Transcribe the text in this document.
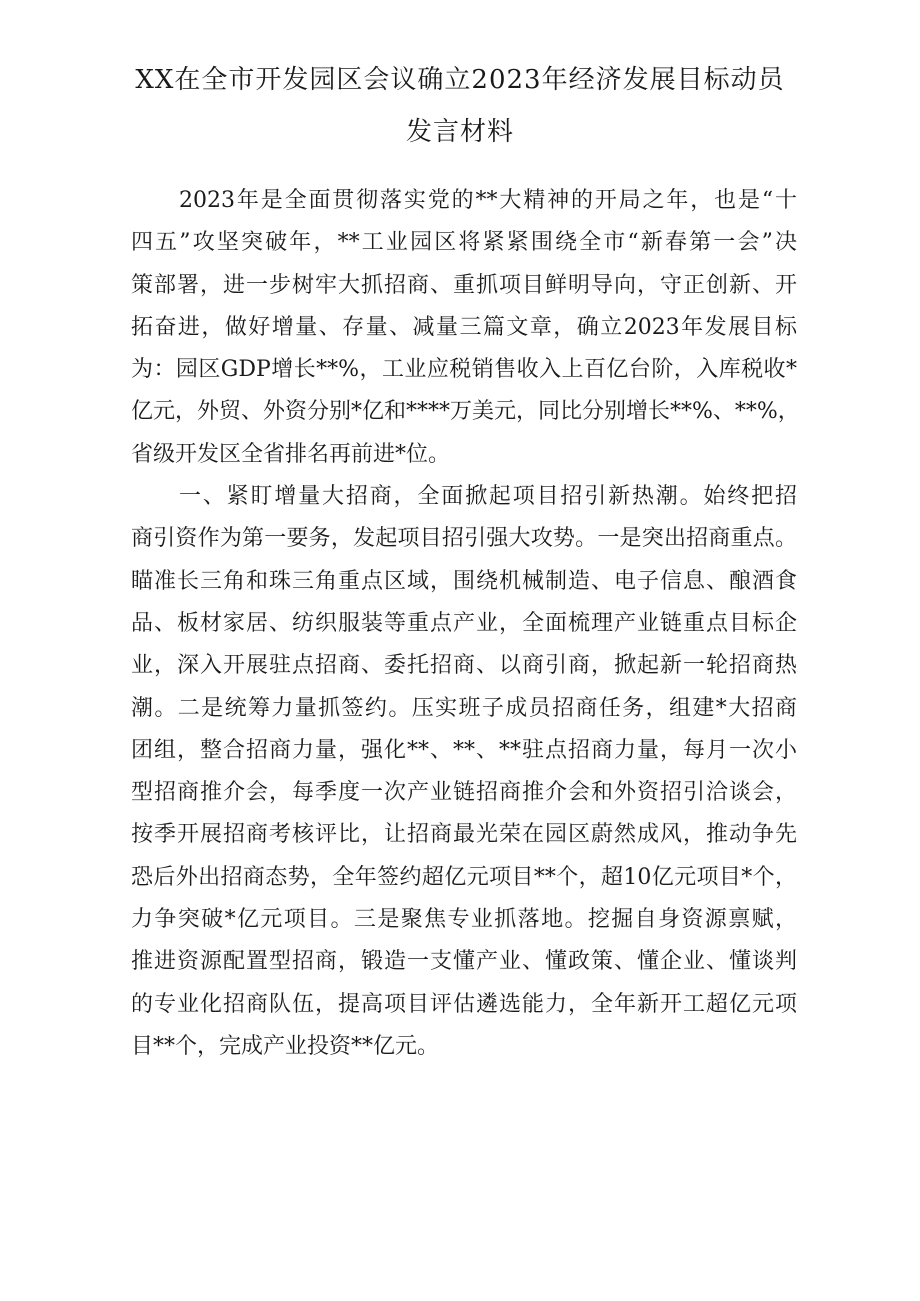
XX在全市开发园区会议确立2023年经济发展目标动员
发言材料
2023年是全面贯彻落实党的**大精神的开局之年，也是“十
四五”攻坚突破年，**工业园区将紧紧围绕全市“新春第一会”决
策部署，进一步树牢大抓招商、重抓项目鲜明导向，守正创新、开
拓奋进，做好增量、存量、减量三篇文章，确立2023年发展目标
为：园区GDP增长**%，工业应税销售收入上百亿台阶，入库税收*
亿元，外贸、外资分别*亿和****万美元，同比分别增长**%、**%，
省级开发区全省排名再前进*位。
一、紧盯增量大招商，全面掀起项目招引新热潮。始终把招
商引资作为第一要务，发起项目招引强大攻势。一是突出招商重点。
瞄准长三角和珠三角重点区域，围绕机械制造、电子信息、酿酒食
品、板材家居、纺织服装等重点产业，全面梳理产业链重点目标企
业，深入开展驻点招商、委托招商、以商引商，掀起新一轮招商热
潮。二是统筹力量抓签约。压实班子成员招商任务，组建*大招商
团组，整合招商力量，强化**、**、**驻点招商力量，每月一次小
型招商推介会，每季度一次产业链招商推介会和外资招引洽谈会，
按季开展招商考核评比，让招商最光荣在园区蔚然成风，推动争先
恐后外出招商态势，全年签约超亿元项目**个，超10亿元项目*个，
力争突破*亿元项目。三是聚焦专业抓落地。挖掘自身资源禀赋，
推进资源配置型招商，锻造一支懂产业、懂政策、懂企业、懂谈判
的专业化招商队伍，提高项目评估遴选能力，全年新开工超亿元项
目**个，完成产业投资**亿元。
